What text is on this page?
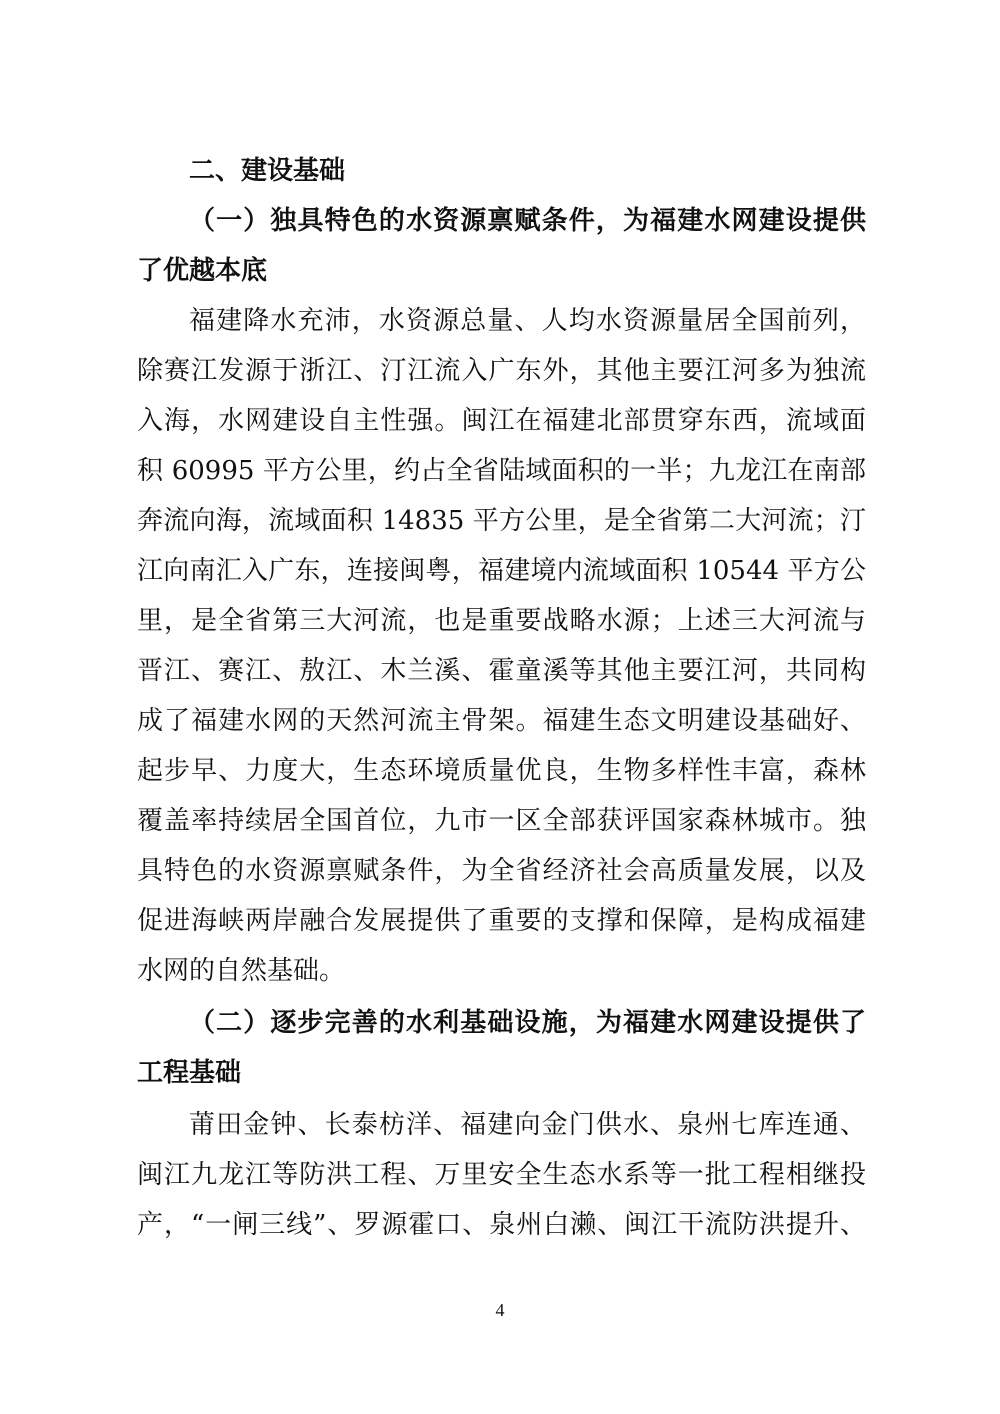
二、建设基础
（一）独具特色的水资源禀赋条件，为福建水网建设提供
了优越本底
福建降水充沛，水资源总量、人均水资源量居全国前列，
除赛江发源于浙江、汀江流入广东外，其他主要江河多为独流
入海，水网建设自主性强。闽江在福建北部贯穿东西，流域面
积 60995 平方公里，约占全省陆域面积的一半；九龙江在南部
奔流向海，流域面积 14835 平方公里，是全省第二大河流；汀
江向南汇入广东，连接闽粤，福建境内流域面积 10544 平方公
里，是全省第三大河流，也是重要战略水源；上述三大河流与
晋江、赛江、敖江、木兰溪、霍童溪等其他主要江河，共同构
成了福建水网的天然河流主骨架。福建生态文明建设基础好、
起步早、力度大，生态环境质量优良，生物多样性丰富，森林
覆盖率持续居全国首位，九市一区全部获评国家森林城市。独
具特色的水资源禀赋条件，为全省经济社会高质量发展，以及
促进海峡两岸融合发展提供了重要的支撑和保障，是构成福建
水网的自然基础。
（二）逐步完善的水利基础设施，为福建水网建设提供了
工程基础
莆田金钟、长泰枋洋、福建向金门供水、泉州七库连通、
闽江九龙江等防洪工程、万里安全生态水系等一批工程相继投
产，“一闸三线”、罗源霍口、泉州白濑、闽江干流防洪提升、
4
